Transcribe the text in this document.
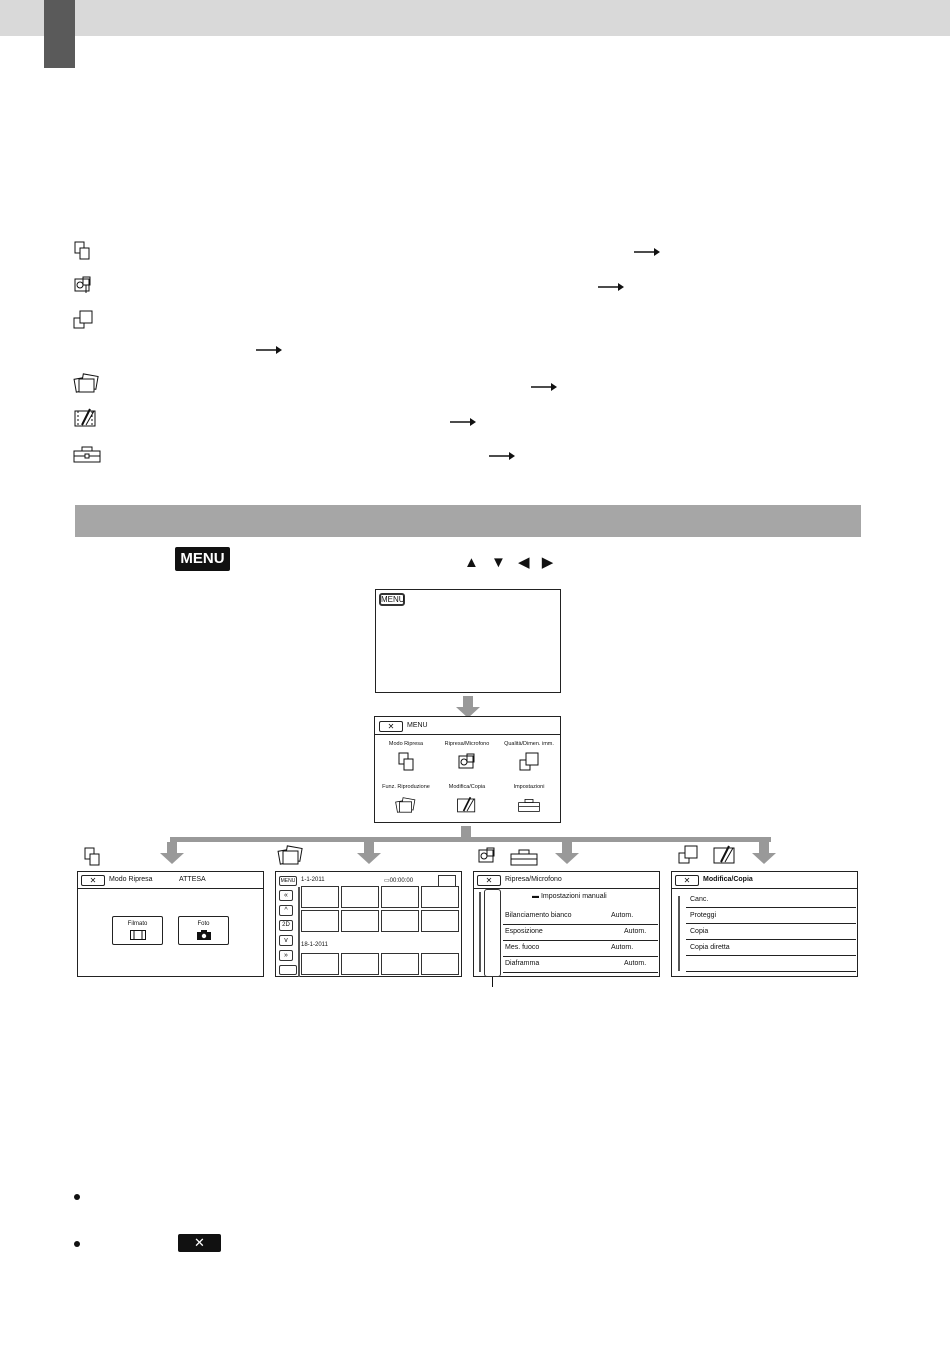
MENU	▲ ▼ ◀ ▶
MENU
✕	MENU
Modo Ripresa	Ripresa/Microfono	Qualità/Dimen. imm.
Funz. Riproduzione	Modifica/Copia	Impostazioni
✕	Modo Ripresa	ATTESA
Filmato	Foto
MENU 1-1-2011	▭00:00:00
«
^
2D
v
»
18-1-2011
✕	Ripresa/Microfono
▬ Impostazioni manuali
Bilanciamento bianco	Autom.
Esposizione	Autom.
Mes. fuoco	Autom.
Diaframma	Autom.
✕	Modifica/Copia
Canc.
Proteggi
Copia
Copia diretta
✕
